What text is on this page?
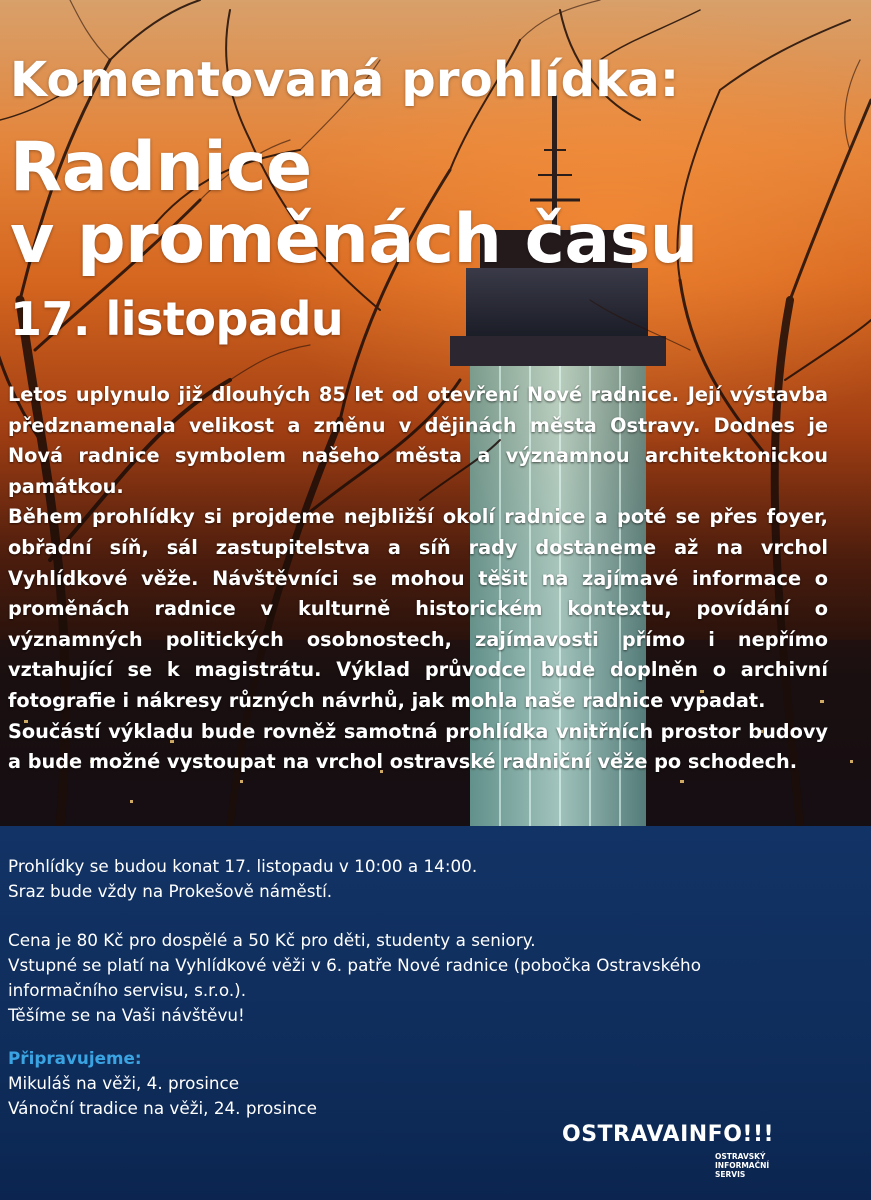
Komentovaná prohlídka:
Radnice
v proměnách času
17. listopadu

Letos uplynulo již dlouhých 85 let od otevření Nové radnice. Její výstavba předznamenala velikost a změnu v dějinách města Ostravy. Dodnes je Nová radnice symbolem našeho města a významnou architektonickou památkou.

Během prohlídky si projdeme nejbližší okolí radnice a poté se přes foyer, obřadní síň, sál zastupitelstva a síň rady dostaneme až na vrchol Vyhlídkové věže. Návštěvníci se mohou těšit na zajímavé informace o proměnách radnice v kulturně historickém kontextu, povídání o významných politických osobnostech, zajímavosti přímo i nepřímo vztahující se k magistrátu. Výklad průvodce bude doplněn o archivní fotografie i nákresy různých návrhů, jak mohla naše radnice vypadat.

Součástí výkladu bude rovněž samotná prohlídka vnitřních prostor budovy a bude možné vystoupat na vrchol ostravské radniční věže po schodech.

Prohlídky se budou konat 17. listopadu v 10:00 a 14:00.

Sraz bude vždy na Prokešově náměstí.

Cena je 80 Kč pro dospělé a 50 Kč pro děti, studenty a seniory.

Vstupné se platí na Vyhlídkové věži v 6. patře Nové radnice (pobočka Ostravského

informačního servisu, s.r.o.).

Těšíme se na Vaši návštěvu!

Připravujeme:

Mikuláš na věži, 4. prosince

Vánoční tradice na věži, 24. prosince

OSTRAVAINFO!!!
OSTRAVSKÝ
INFORMAČNÍ
SERVIS
